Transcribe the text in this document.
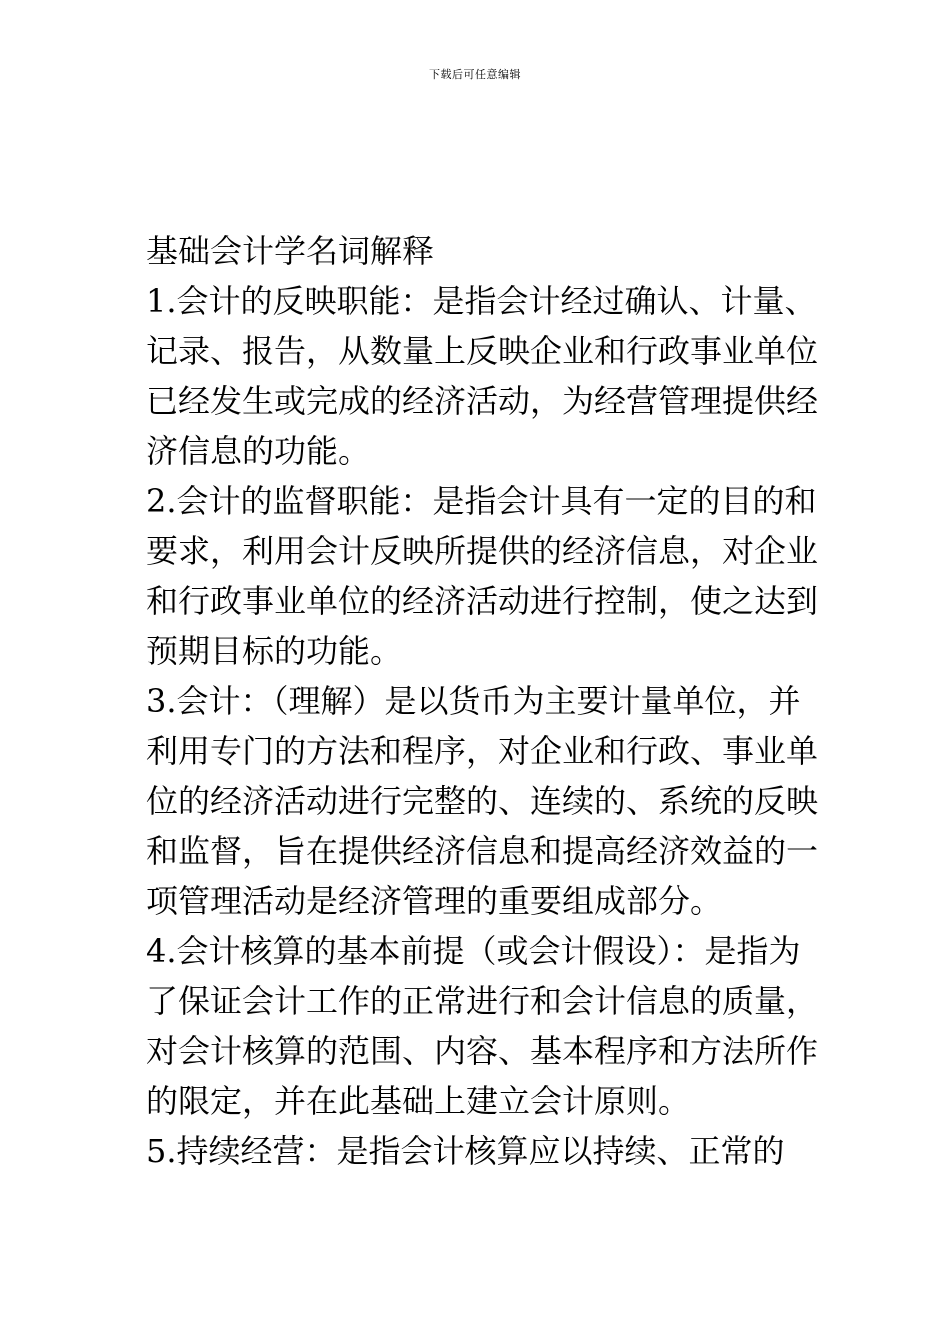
下载后可任意编辑

基础会计学名词解释

1.会计的反映职能：是指会计经过确认、计量、记录、报告，从数量上反映企业和行政事业单位已经发生或完成的经济活动，为经营管理提供经济信息的功能。

2.会计的监督职能：是指会计具有一定的目的和要求，利用会计反映所提供的经济信息，对企业和行政事业单位的经济活动进行控制，使之达到预期目标的功能。

3.会计：（理解）是以货币为主要计量单位，并利用专门的方法和程序，对企业和行政、事业单位的经济活动进行完整的、连续的、系统的反映和监督，旨在提供经济信息和提高经济效益的一项管理活动是经济管理的重要组成部分。

4.会计核算的基本前提（或会计假设）：是指为了保证会计工作的正常进行和会计信息的质量，对会计核算的范围、内容、基本程序和方法所作的限定，并在此基础上建立会计原则。

5.持续经营：是指会计核算应以持续、正常的
